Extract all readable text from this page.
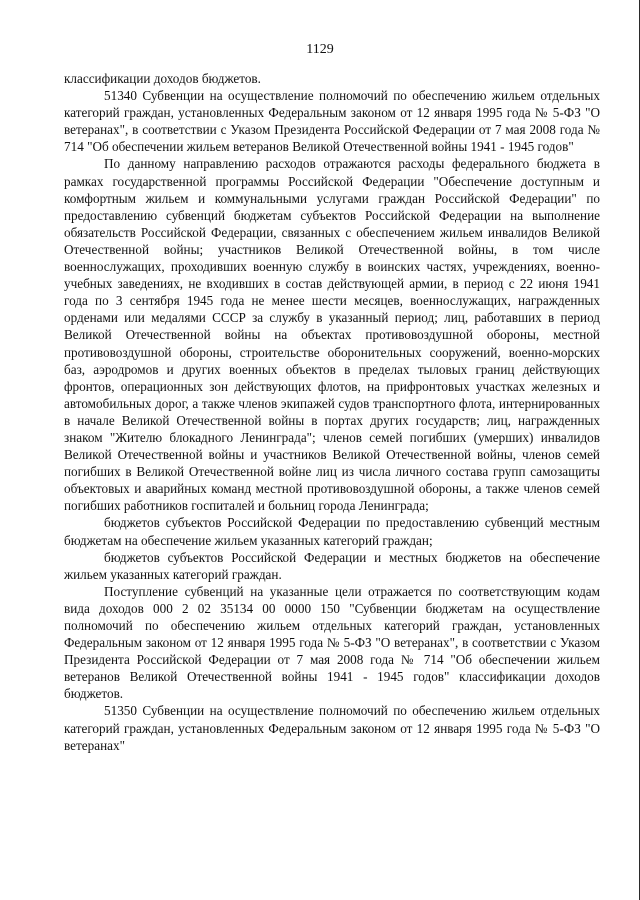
1129

классификации доходов бюджетов.

51340 Субвенции на осуществление полномочий по обеспечению жильем отдельных категорий граждан, установленных Федеральным законом от 12 января 1995 года № 5-ФЗ "О ветеранах", в соответствии с Указом Президента Российской Федерации от 7 мая 2008 года № 714 "Об обеспечении жильем ветеранов Великой Отечественной войны 1941 - 1945 годов"

По данному направлению расходов отражаются расходы федерального бюджета в рамках государственной программы Российской Федерации "Обеспечение доступным и комфортным жильем и коммунальными услугами граждан Российской Федерации" по предоставлению субвенций бюджетам субъектов Российской Федерации на выполнение обязательств Российской Федерации, связанных с обеспечением жильем инвалидов Великой Отечественной войны; участников Великой Отечественной войны, в том числе военнослужащих, проходивших военную службу в воинских частях, учреждениях, военно-учебных заведениях, не входивших в состав действующей армии, в период с 22 июня 1941 года по 3 сентября 1945 года не менее шести месяцев, военнослужащих, награжденных орденами или медалями СССР за службу в указанный период; лиц, работавших в период Великой Отечественной войны на объектах противовоздушной обороны, местной противовоздушной обороны, строительстве оборонительных сооружений, военно-морских баз, аэродромов и других военных объектов в пределах тыловых границ действующих фронтов, операционных зон действующих флотов, на прифронтовых участках железных и автомобильных дорог, а также членов экипажей судов транспортного флота, интернированных в начале Великой Отечественной войны в портах других государств; лиц, награжденных знаком "Жителю блокадного Ленинграда"; членов семей погибших (умерших) инвалидов Великой Отечественной войны и участников Великой Отечественной войны, членов семей погибших в Великой Отечественной войне лиц из числа личного состава групп самозащиты объектовых и аварийных команд местной противовоздушной обороны, а также членов семей погибших работников госпиталей и больниц города Ленинграда;

бюджетов субъектов Российской Федерации по предоставлению субвенций местным бюджетам на обеспечение жильем указанных категорий граждан;

бюджетов субъектов Российской Федерации и местных бюджетов на обеспечение жильем указанных категорий граждан.

Поступление субвенций на указанные цели отражается по соответствующим кодам вида доходов 000 2 02 35134 00 0000 150 "Субвенции бюджетам на осуществление полномочий по обеспечению жильем отдельных категорий граждан, установленных Федеральным законом от 12 января 1995 года № 5-ФЗ "О ветеранах", в соответствии с Указом Президента Российской Федерации от 7 мая 2008 года № 714 "Об обеспечении жильем ветеранов Великой Отечественной войны 1941 - 1945 годов" классификации доходов бюджетов.

51350 Субвенции на осуществление полномочий по обеспечению жильем отдельных категорий граждан, установленных Федеральным законом от 12 января 1995 года № 5-ФЗ "О ветеранах"
